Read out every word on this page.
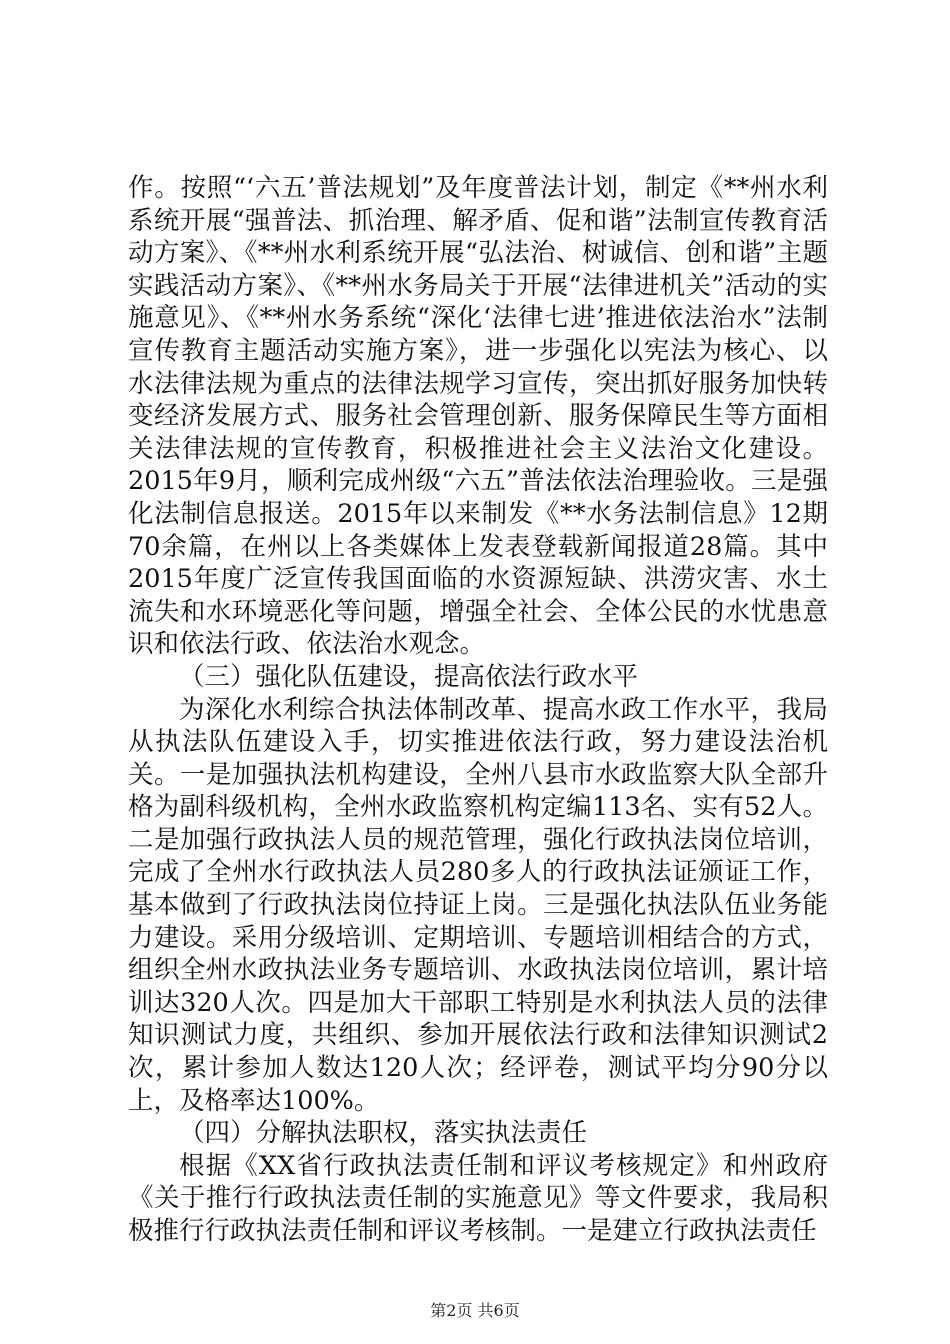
作。按照“‘六五’普法规划”及年度普法计划，制定《**州水利系统开展“强普法、抓治理、解矛盾、促和谐”法制宣传教育活动方案》、《**州水利系统开展“弘法治、树诚信、创和谐”主题实践活动方案》、《**州水务局关于开展“法律进机关”活动的实施意见》、《**州水务系统“深化‘法律七进’推进依法治水”法制宣传教育主题活动实施方案》，进一步强化以宪法为核心、以水法律法规为重点的法律法规学习宣传，突出抓好服务加快转变经济发展方式、服务社会管理创新、服务保障民生等方面相关法律法规的宣传教育，积极推进社会主义法治文化建设。2015年9月，顺利完成州级“六五”普法依法治理验收。三是强化法制信息报送。2015年以来制发《**水务法制信息》12期70余篇，在州以上各类媒体上发表登载新闻报道28篇。其中2015年度广泛宣传我国面临的水资源短缺、洪涝灾害、水土流失和水环境恶化等问题，增强全社会、全体公民的水忧患意识和依法行政、依法治水观念。

（三）强化队伍建设，提高依法行政水平

为深化水利综合执法体制改革、提高水政工作水平，我局从执法队伍建设入手，切实推进依法行政，努力建设法治机关。一是加强执法机构建设，全州八县市水政监察大队全部升格为副科级机构，全州水政监察机构定编113名、实有52人。二是加强行政执法人员的规范管理，强化行政执法岗位培训，完成了全州水行政执法人员280多人的行政执法证颁证工作，基本做到了行政执法岗位持证上岗。三是强化执法队伍业务能力建设。采用分级培训、定期培训、专题培训相结合的方式，组织全州水政执法业务专题培训、水政执法岗位培训，累计培训达320人次。四是加大干部职工特别是水利执法人员的法律知识测试力度，共组织、参加开展依法行政和法律知识测试2次，累计参加人数达120人次；经评卷，测试平均分90分以上，及格率达100%。

（四）分解执法职权，落实执法责任

根据《XX省行政执法责任制和评议考核规定》和州政府《关于推行行政执法责任制的实施意见》等文件要求，我局积极推行行政执法责任制和评议考核制。一是建立行政执法责任

第2页 共6页
